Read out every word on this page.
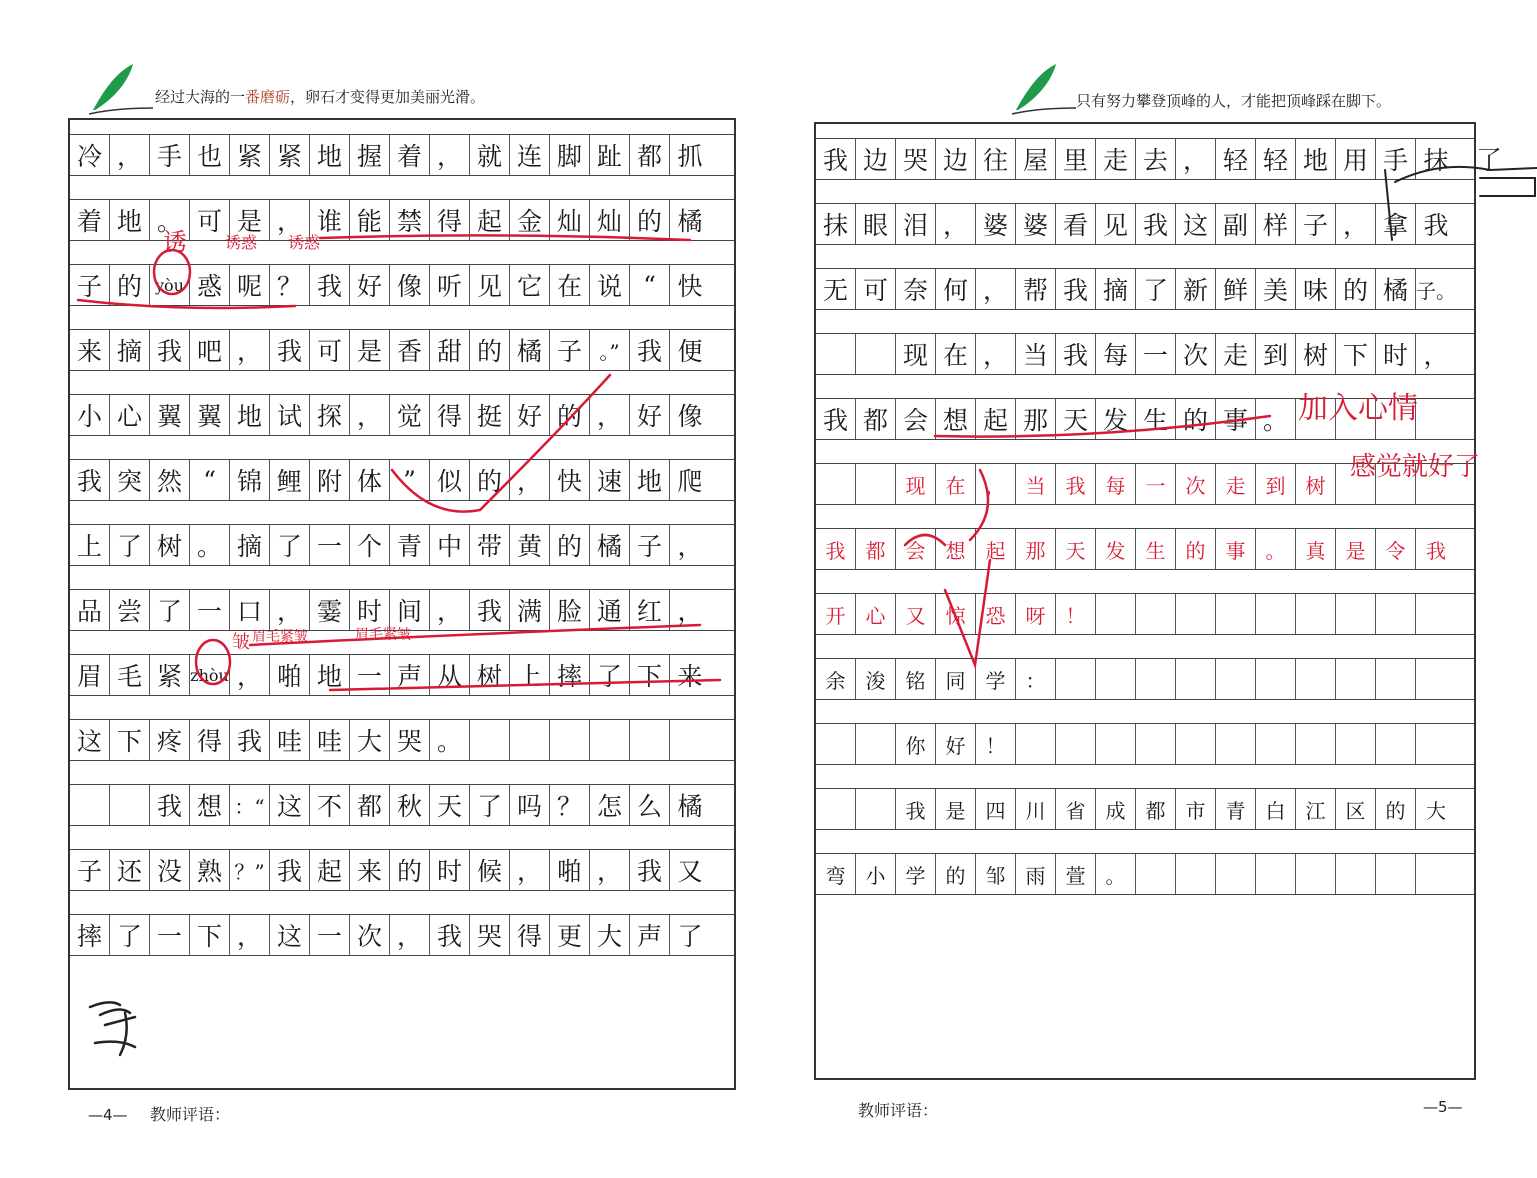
经过大海的一番磨砺，卵石才变得更加美丽光滑。
冷 ， 手 也 紧 紧 地 握 着 ， 就 连 脚 趾 都 抓
着 地 。 可 是 ， 谁 能 禁 得 起 金 灿 灿 的 橘
子 的 yòu 惑 呢 ？ 我 好 像 听 见 它 在 说 “ 快
来 摘 我 吧 ， 我 可 是 香 甜 的 橘 子 。” 我 便
小 心 翼 翼 地 试 探 ， 觉 得 挺 好 的 ， 好 像
我 突 然 “ 锦 鲤 附 体 ” 似 的 ， 快 速 地 爬
上 了 树 。 摘 了 一 个 青 中 带 黄 的 橘 子 ，
品 尝 了 一 口 ， 霎 时 间 ， 我 满 脸 通 红 ，
眉 毛 紧 zhòu ， 啪 地 一 声 从 树 上 摔 了 下 来
这 下 疼 得 我 哇 哇 大 哭 。
我 想 ：“ 这 不 都 秋 天 了 吗 ？ 怎 么 橘
子 还 没 熟 ？” 我 起 来 的 时 候 ， 啪 ， 我 又
摔 了 一 下 ， 这 一 次 ， 我 哭 得 更 大 声 了
诱 诱惑 诱惑
皱 眉毛紧皱	眉毛紧皱
教师评语：
—4—
只有努力攀登顶峰的人，才能把顶峰踩在脚下。
我 边 哭 边 往 屋 里 走 去 ， 轻 轻 地 用 手 抹
抹 眼 泪 ， 婆 婆 看 见 我 这 副 样 子 ， 拿 我
无 可 奈 何 ， 帮 我 摘 了 新 鲜 美 味 的 橘 子。
现 在 ， 当 我 每 一 次 走 到 树 下 时 ，
我 都 会 想 起 那 天 发 生 的 事 。
现	在	，	当	我	每	一	次	走	到	树
我	都	会	想	起	那	天	发	生	的	事	。	真	是	令	我
开	心	又	惊	恐	呀	！
余	浚	铭	同	学	：
你	好	！
我	是	四	川	省	成	都	市	青	白	江	区	的	大
弯	小	学	的	邹	雨	萱	。
加入心情
感觉就好了
了
教师评语：	—5—
